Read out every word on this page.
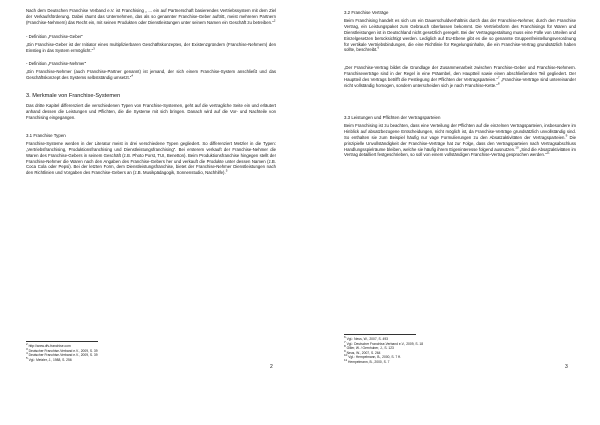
Nach dem Deutschen Franchise Verband e.V. ist Franchising „ ... ein auf Partnerschaft basierendes Vertriebssystem mit dem Ziel der Verkaufsförderung. Dabei räumt das Unternehmen, das als so genannter Franchise-Geber auftritt, meist mehreren Partnern (Franchise-Nehmern) das Recht ein, mit seinen Produkten oder Dienstleistungen unter seinem Namen ein Geschäft zu betreiben.“$^2$

- Definition „Franchise-Geber“

„Ein Franchise-Geber ist der Initiator eines multiplizierbaren Geschäftskonzeptes, der Existenzgründern (Franchise-Nehmern) den Einstieg in das System ermöglicht.“$^3$

- Definition „Franchise-Nehmer“

„Ein Franchise-Nehmer (auch Franchise-Partner genannt) ist jemand, der sich einem Franchise-System anschließt und das Geschäftskonzept des Systems selbstständig umsetzt.“$^4$

3. Merkmale von Franchise-Systemen

Das dritte Kapitel differenziert die verschiedenen Typen von Franchise-Systemen, geht auf die vertragliche Seite ein und erläutert anhand dessen die Leistungen und Pflichten, die die Systeme mit sich bringen. Danach wird auf die Vor- und Nachteile von Franchising eingegangen.

3.1 Franchise Typen

Franchise-Systeme werden in der Literatur meist in drei verschiedene Typen gegliedert. So differenziert Metzler in die Typen: „Vertriebsfranchising, Produktionsfranchising und Dienstleistungsfranchising“. Bei ersterem verkauft der Franchise-Nehmer die Waren des Franchise-Gebers in seinem Geschäft (z.B. Photo Porst, TUI, Benetton). Beim Produktionsfranchise hingegen stellt der Franchise-Nehmer die Waren nach den Angaben des Franchise-Gebers her und verkauft die Produkte unter dessen Namen (z.B. Coca Cola oder Pepsi). Bei der letzten Form, dem Dienstleistungsfranchise, bietet der Franchise-Nehmer Dienstleistungen nach den Richtlinien und Vorgaben des Franchise-Gebers an (z.B. Musikpädagogik, Sonnenstudio, Nachhilfe).$^5$

$^2$ http://www.dfv-franchise.com
$^3$ Deutscher Franchise-Verband e.V., 2009, S. 39
$^4$ Deutscher Franchise-Verband e.V., 2009, S. 39
$^5$ Vgl.: Metzler, J., 1988, S. 256
2
3.2 Franchise Verträge

Beim Franchising handelt es sich um ein Dauerschuldverhältnis durch das der Franchise-Nehmer, durch den Franchise Vertrag, ein Leistungspaket zum Gebrauch überlassen bekommt. Die Vertriebsform des Franchisings für Waren und Dienstleistungen ist in Deutschland nicht gesetzlich geregelt. Bei der Vertragsgestaltung muss eine Fülle von Urteilen und Einzelgesetzen berücksichtigt werden. Lediglich auf EU-Ebene gibt es die so genannte Gruppenfreistellungsverordnung für vertikale Vertriebsbindungen, die eine Richtlinie für Regelungsinhalte, die ein Franchise-Vertrag grundsätzlich haben sollte, beschreibt.$^6$

„Der Franchise-Vertrag bildet die Grundlage der Zusammenarbeit zwischen Franchise-Geber und Franchise-Nehmern. Franchiseverträge sind in der Regel in eine Präambel, den Hauptteil sowie einen abschließenden Teil gegliedert. Der Hauptteil des Vertrags betrifft die Festlegung der Pflichten der Vertragsparteien.“$^7$ „Franchise-Verträge sind untereinander nicht vollständig homogen, sondern unterscheiden sich je nach Franchise-Kette.“$^8$

3.3 Leistungen und Pflichten der Vertragsparteien

Beim Franchising ist zu beachten, dass eine Verteilung der Pflichten auf die einzelnen Vertragsparteien, insbesondere im Hinblick auf absatzbezogene Entscheidungen, nicht möglich ist, da Franchise-Verträge grundsätzlich unvollständig sind. So enthalten sie zum Beispiel häufig nur vage Formulierungen zu den Absatzaktivitäten der Vertragsparteien.$^9$ Die prinzipielle Unvollständigkeit der Franchise-Verträge hat zur Folge, dass den Vertragsparteien nach Vertragsabschluss Handlungsspielräume bleiben, welche sie häufig ihrem Eigeninteresse folgend ausnutzen.$^{10}$ „Sind die Absatzaktivitäten im Vertrag detailliert festgeschrieben, so soll von einem vollständigen Franchise-Vertrag gesprochen werden.“$^{11}$

$^6$ Vgl.: Neus, W., 2007, S. 493
$^7$ Vgl.: Deutscher Franchise-Verband e.V., 2009, S. 18
$^8$ Giller, W. / Gernhuber, J., S. 123
$^9$ Neus, W., 2007, S. 264
$^{10}$ Vgl.: Hempelmann, B., 2000, S. 7 ff.
$^{11}$ Hempelmann, B., 2000, S. 7
3
